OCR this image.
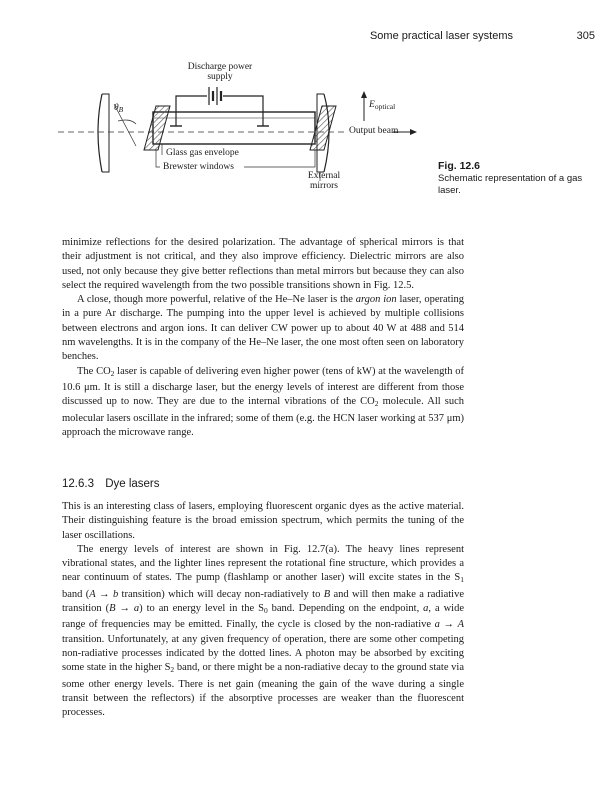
Some practical laser systems	305
Discharge power
supply
$\theta_B$	$E_{optical}$
Output beam
Glass gas envelope
Brewster windows
External
mirrors
Fig. 12.6
Schematic representation of a gas laser.

minimize reflections for the desired polarization. The advantage of spherical mirrors is that their adjustment is not critical, and they also improve efficiency. Dielectric mirrors are also used, not only because they give better reflections than metal mirrors but because they can also select the required wavelength from the two possible transitions shown in Fig. 12.5.

A close, though more powerful, relative of the He–Ne laser is the argon ion laser, operating in a pure Ar discharge. The pumping into the upper level is achieved by multiple collisions between electrons and argon ions. It can deliver CW power up to about 40 W at 488 and 514 nm wavelengths. It is in the company of the He–Ne laser, the one most often seen on laboratory benches.

The $CO_2$ laser is capable of delivering even higher power (tens of kW) at the wavelength of 10.6 μm. It is still a discharge laser, but the energy levels of interest are different from those discussed up to now. They are due to the internal vibrations of the $CO_2$ molecule. All such molecular lasers oscillate in the infrared; some of them (e.g. the HCN laser working at 537 μm) approach the microwave range.

12.6.3 Dye lasers

This is an interesting class of lasers, employing fluorescent organic dyes as the active material. Their distinguishing feature is the broad emission spectrum, which permits the tuning of the laser oscillations.

The energy levels of interest are shown in Fig. 12.7(a). The heavy lines represent vibrational states, and the lighter lines represent the rotational fine structure, which provides a near continuum of states. The pump (flashlamp or another laser) will excite states in the $S_1$ band (A → b transition) which will decay non-radiatively to B and will then make a radiative transition (B → a) to an energy level in the $S_0$ band. Depending on the endpoint, a, a wide range of frequencies may be emitted. Finally, the cycle is closed by the non-radiative a → A transition. Unfortunately, at any given frequency of operation, there are some other competing non-radiative processes indicated by the dotted lines. A photon may be absorbed by exciting some state in the higher $S_2$ band, or there might be a non-radiative decay to the ground state via some other energy levels. There is net gain (meaning the gain of the wave during a single transit between the reflectors) if the absorptive processes are weaker than the fluorescent processes.
